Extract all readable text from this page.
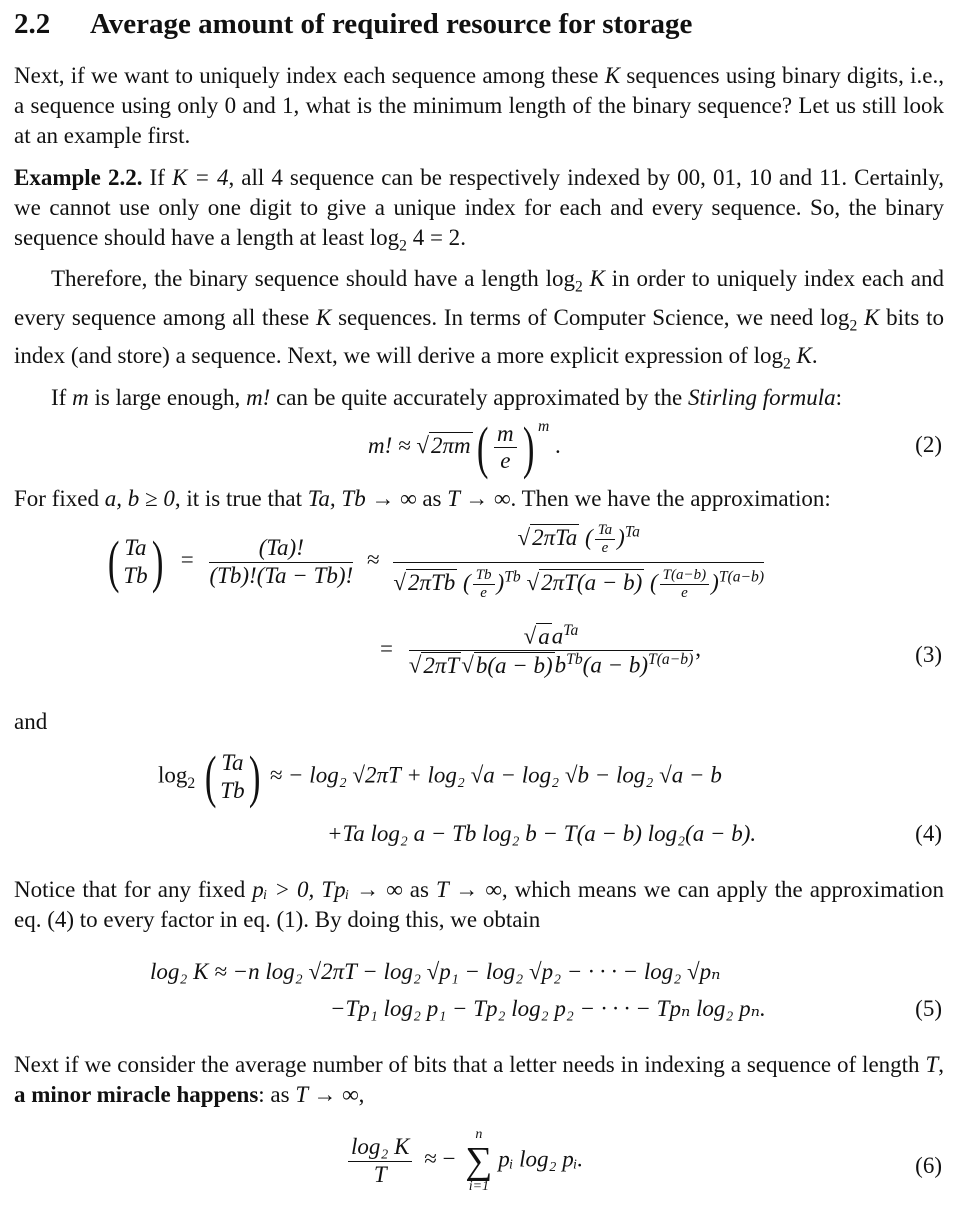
2.2 Average amount of required resource for storage
Next, if we want to uniquely index each sequence among these K sequences using binary digits, i.e., a sequence using only 0 and 1, what is the minimum length of the binary sequence? Let us still look at an example first.
Example 2.2. If K = 4, all 4 sequence can be respectively indexed by 00, 01, 10 and 11. Certainly, we cannot use only one digit to give a unique index for each and every sequence. So, the binary sequence should have a length at least $\log_2 4 = 2$.
Therefore, the binary sequence should have a length $\log_2 K$ in order to uniquely index each and every sequence among all these K sequences. In terms of Computer Science, we need $\log_2 K$ bits to index (and store) a sequence. Next, we will derive a more explicit expression of $\log_2 K$.
If m is large enough, m! can be quite accurately approximated by the Stirling formula:
m! ≈ √2πm ( $\frac{m}{e}$ ) $^m$ .	(2)
For fixed a, b ≥ 0, it is true that Ta, Tb → ∞ as T → ∞. Then we have the approximation:
( Ta
Tb ) = $\frac{(Ta)!}{(Tb)!(Ta - Tb)!} \approx \frac{√2\pi Ta ( \frac{Ta}{e} )^{Ta}}{√2\pi Tb ( \frac{Tb}{e} )^{Tb} √2\pi T(a - b) ( \frac{T(a-b)}{e} )^{T(a-b)}}$
= $\frac{√aa^{Ta}}{√2\pi T√b(a - b)b^{Tb}(a - b)^{T(a-b)}}$ ,	(3)
and
$\log_2$ ( Ta
Tb ) ≈ − log₂ √2πT + log₂ √a − log₂ √b − log₂ √a − b
+Ta log₂ a − Tb log₂ b − T(a − b) log₂(a − b).	(4)
Notice that for any fixed pᵢ > 0, Tpᵢ → ∞ as T → ∞, which means we can apply the approximation eq. (4) to every factor in eq. (1). By doing this, we obtain
log₂ K ≈ −n log₂ √2πT − log₂ √p₁ − log₂ √p₂ − · · · − log₂ √pₙ
−Tp₁ log₂ p₁ − Tp₂ log₂ p₂ − · · · − Tpₙ log₂ pₙ.	(5)
Next if we consider the average number of bits that a letter needs in indexing a sequence of length T, a minor miracle happens: as T → ∞,
$\frac{\text{log₂ K}}{T}$ ≈ −
n
∑
i=1
pᵢ log₂ pᵢ.	(6)
